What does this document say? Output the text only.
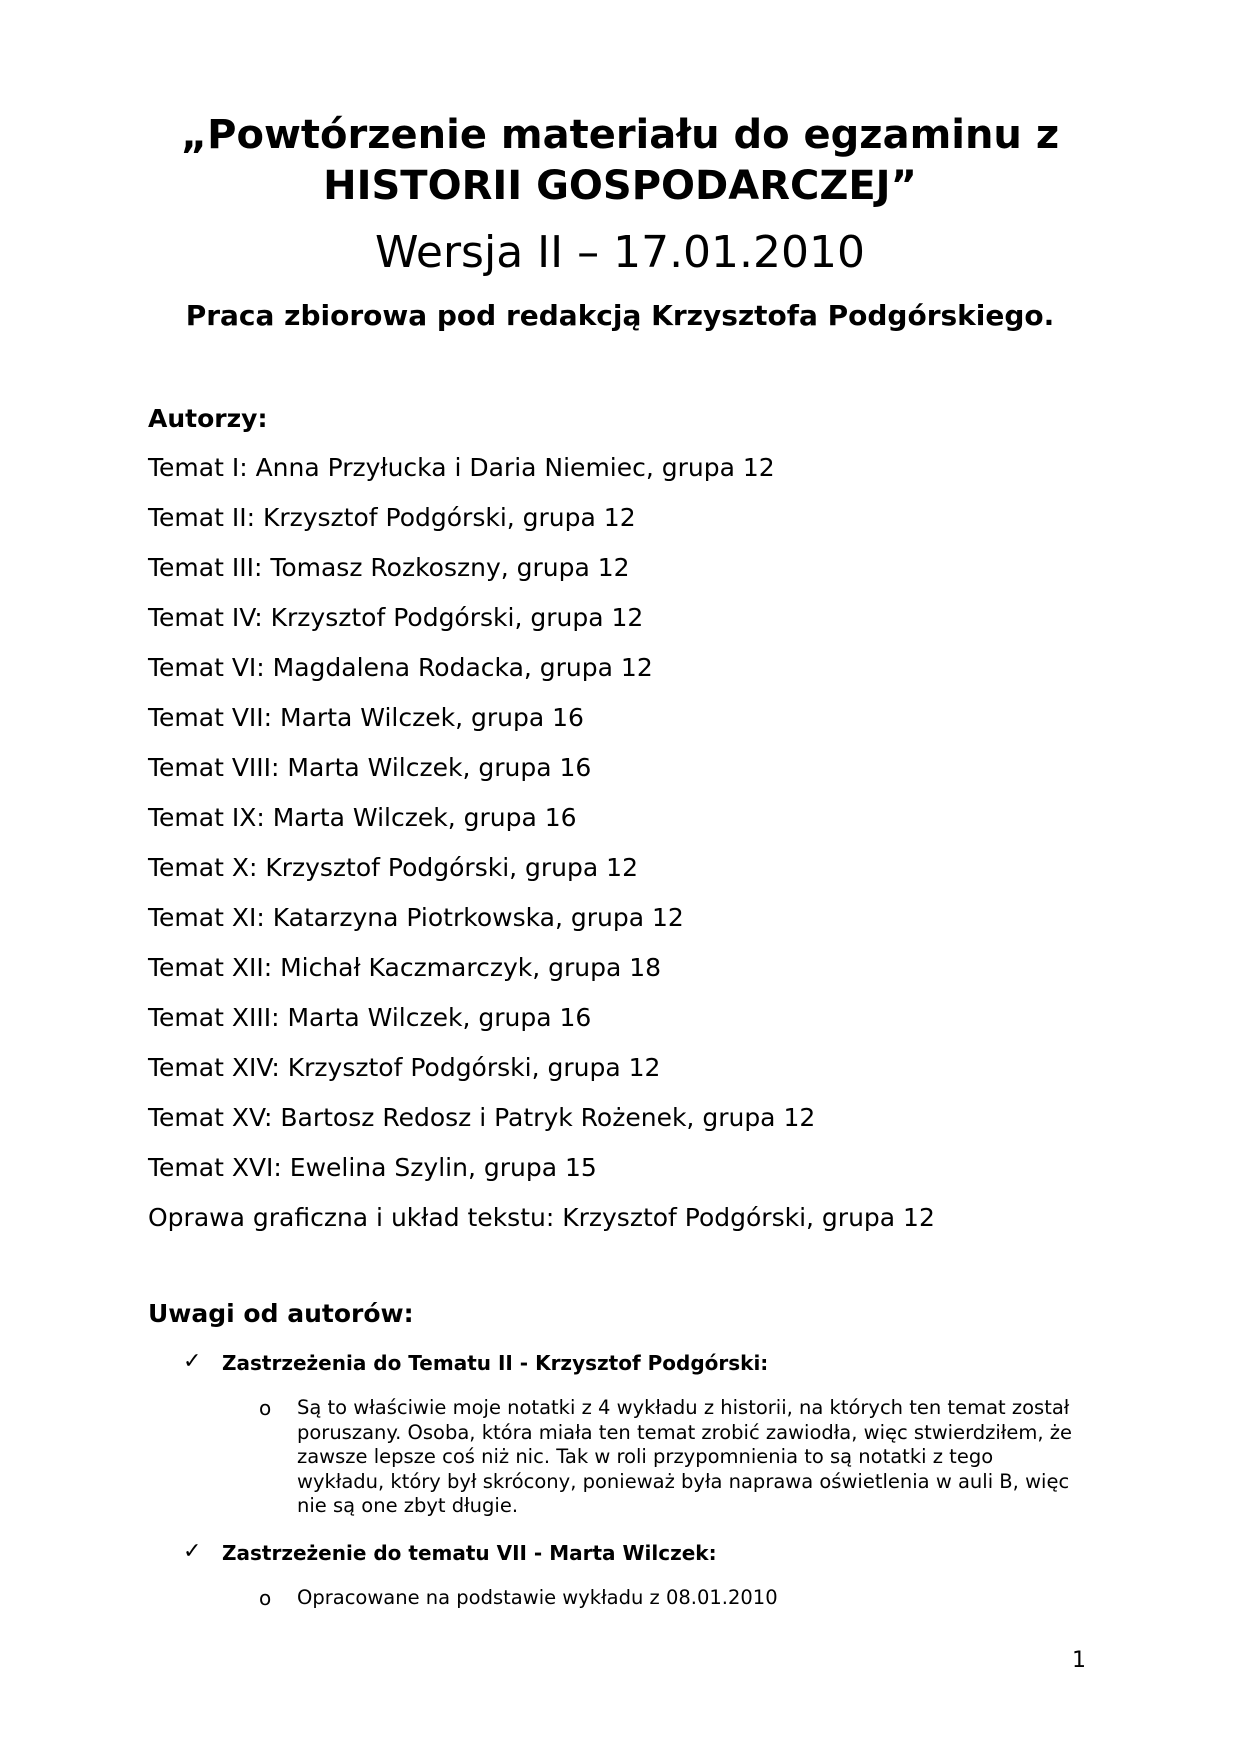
„Powtórzenie materiału do egzaminu z
HISTORII GOSPODARCZEJ”
Wersja II – 17.01.2010
Praca zbiorowa pod redakcją Krzysztofa Podgórskiego.
Autorzy:
Temat I: Anna Przyłucka i Daria Niemiec, grupa 12
Temat II: Krzysztof Podgórski, grupa 12
Temat III: Tomasz Rozkoszny, grupa 12
Temat IV: Krzysztof Podgórski, grupa 12
Temat VI: Magdalena Rodacka, grupa 12
Temat VII: Marta Wilczek, grupa 16
Temat VIII: Marta Wilczek, grupa 16
Temat IX: Marta Wilczek, grupa 16
Temat X: Krzysztof Podgórski, grupa 12
Temat XI: Katarzyna Piotrkowska, grupa 12
Temat XII: Michał Kaczmarczyk, grupa 18
Temat XIII: Marta Wilczek, grupa 16
Temat XIV: Krzysztof Podgórski, grupa 12
Temat XV: Bartosz Redosz i Patryk Rożenek, grupa 12
Temat XVI: Ewelina Szylin, grupa 15
Oprawa graficzna i układ tekstu: Krzysztof Podgórski, grupa 12
Uwagi od autorów:
✓ Zastrzeżenia do Tematu II - Krzysztof Podgórski:
o Są to właściwie moje notatki z 4 wykładu z historii, na których ten temat został poruszany. Osoba, która miała ten temat zrobić zawiodła, więc stwierdziłem, że zawsze lepsze coś niż nic. Tak w roli przypomnienia to są notatki z tego wykładu, który był skrócony, ponieważ była naprawa oświetlenia w auli B, więc nie są one zbyt długie.
✓ Zastrzeżenie do tematu VII - Marta Wilczek:
o Opracowane na podstawie wykładu z 08.01.2010
1
